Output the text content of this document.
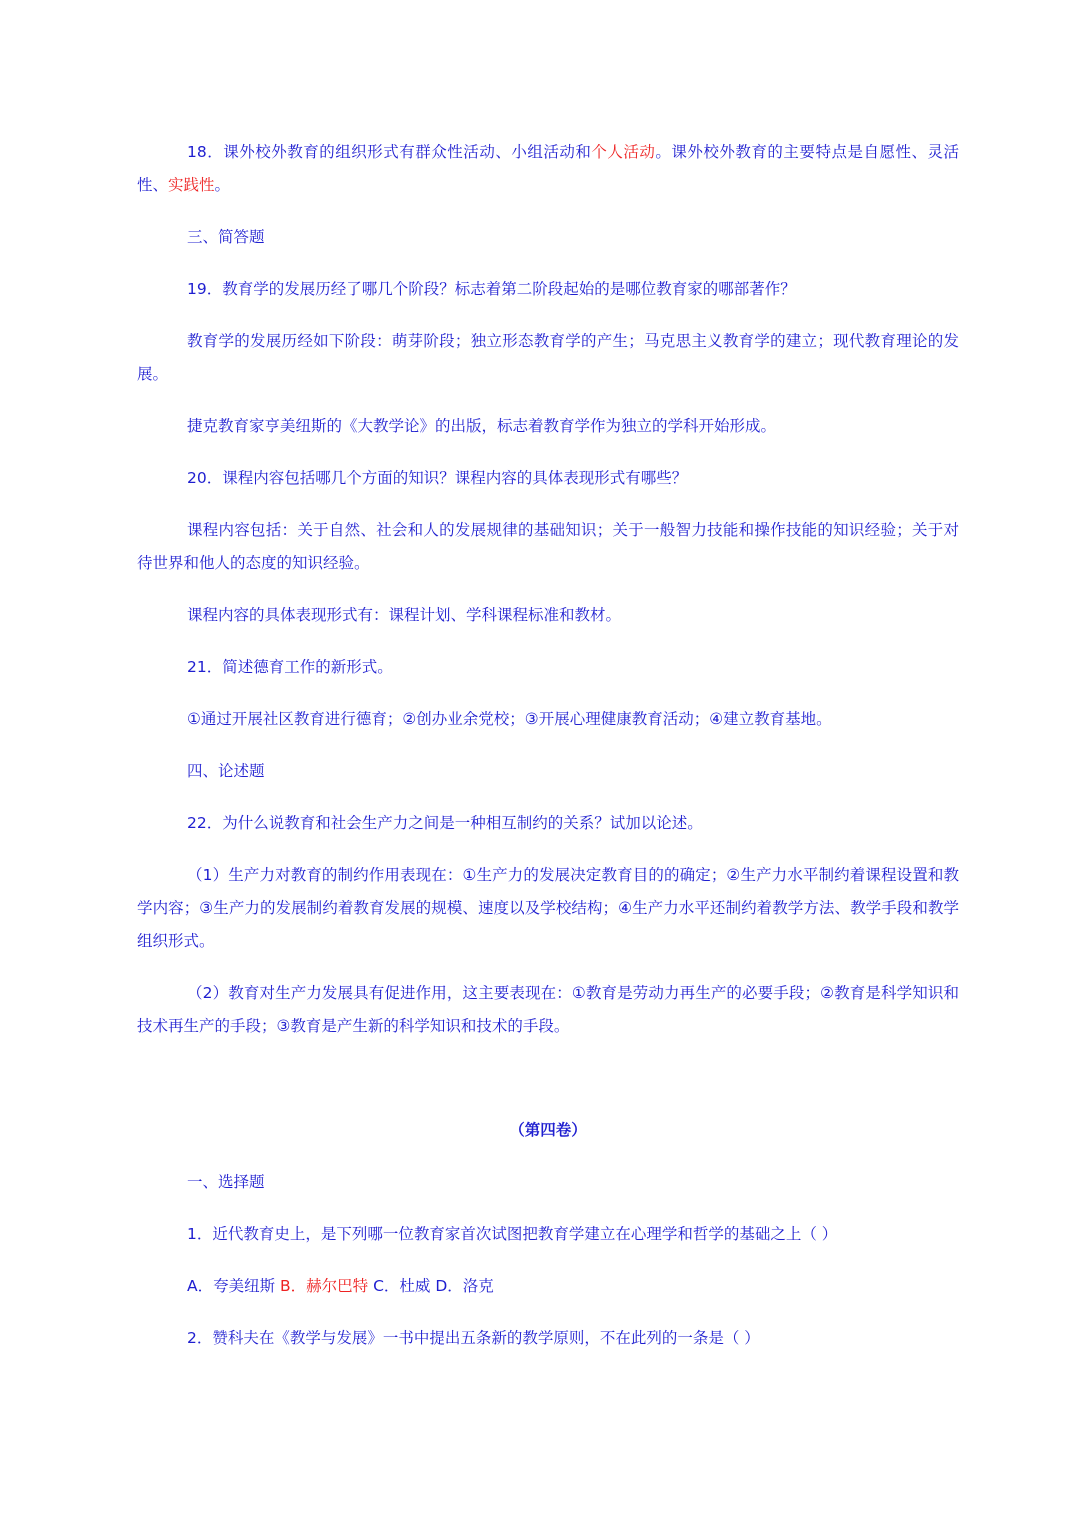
18．课外校外教育的组织形式有群众性活动、小组活动和个人活动。课外校外教育的主要特点是自愿性、灵活性、实践性。

三、简答题

19．教育学的发展历经了哪几个阶段？标志着第二阶段起始的是哪位教育家的哪部著作？

教育学的发展历经如下阶段：萌芽阶段；独立形态教育学的产生；马克思主义教育学的建立；现代教育理论的发展。

捷克教育家亨美纽斯的《大教学论》的出版，标志着教育学作为独立的学科开始形成。

20．课程内容包括哪几个方面的知识？课程内容的具体表现形式有哪些？

课程内容包括：关于自然、社会和人的发展规律的基础知识；关于一般智力技能和操作技能的知识经验；关于对待世界和他人的态度的知识经验。

课程内容的具体表现形式有：课程计划、学科课程标准和教材。

21．简述德育工作的新形式。

①通过开展社区教育进行德育；②创办业余党校；③开展心理健康教育活动；④建立教育基地。

四、论述题

22．为什么说教育和社会生产力之间是一种相互制约的关系？试加以论述。

（1）生产力对教育的制约作用表现在：①生产力的发展决定教育目的的确定；②生产力水平制约着课程设置和教学内容；③生产力的发展制约着教育发展的规模、速度以及学校结构；④生产力水平还制约着教学方法、教学手段和教学组织形式。

（2）教育对生产力发展具有促进作用，这主要表现在：①教育是劳动力再生产的必要手段；②教育是科学知识和技术再生产的手段；③教育是产生新的科学知识和技术的手段。

（第四卷）

一、选择题

1．近代教育史上，是下列哪一位教育家首次试图把教育学建立在心理学和哲学的基础之上（ ）

A．夸美纽斯 B．赫尔巴特 C．杜威 D．洛克

2．赞科夫在《教学与发展》一书中提出五条新的教学原则，不在此列的一条是（ ）
